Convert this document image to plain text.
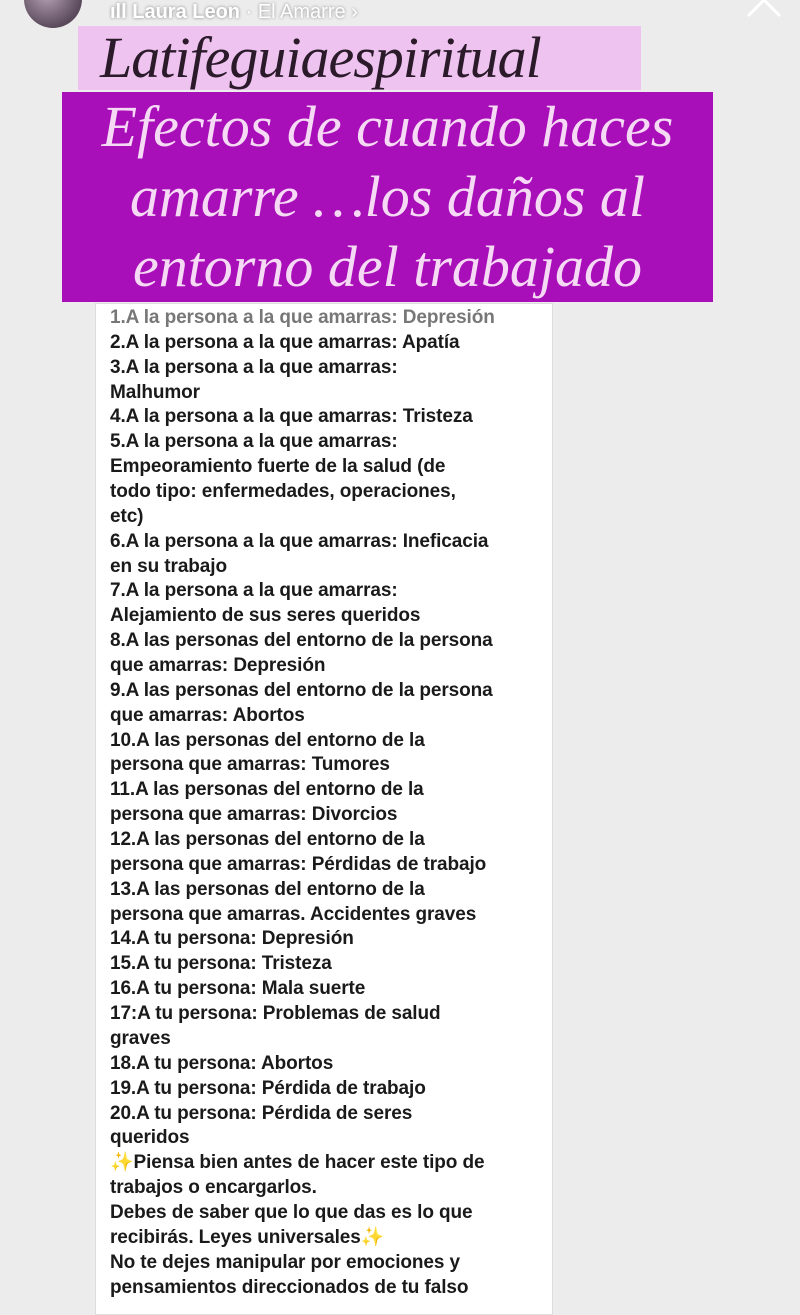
1.A la persona a la que amarras: Depresión
2.A la persona a la que amarras: Apatía
3.A la persona a la que amarras:
Malhumor
4.A la persona a la que amarras: Tristeza
5.A la persona a la que amarras:
Empeoramiento fuerte de la salud (de
todo tipo: enfermedades, operaciones,
etc)
6.A la persona a la que amarras: Ineficacia
en su trabajo
7.A la persona a la que amarras:
Alejamiento de sus seres queridos
8.A las personas del entorno de la persona
que amarras: Depresión
9.A las personas del entorno de la persona
que amarras: Abortos
10.A las personas del entorno de la
persona que amarras: Tumores
11.A las personas del entorno de la
persona que amarras: Divorcios
12.A las personas del entorno de la
persona que amarras: Pérdidas de trabajo
13.A las personas del entorno de la
persona que amarras. Accidentes graves
14.A tu persona: Depresión
15.A tu persona: Tristeza
16.A tu persona: Mala suerte
17:A tu persona: Problemas de salud
graves
18.A tu persona: Abortos
19.A tu persona: Pérdida de trabajo
20.A tu persona: Pérdida de seres
queridos
✨Piensa bien antes de hacer este tipo de
trabajos o encargarlos.
Debes de saber que lo que das es lo que
recibirás. Leyes universales✨
No te dejes manipular por emociones y
pensamientos direccionados de tu falso
Latifeguiaespiritual
Efectos de cuando haces
amarre …los daños al
entorno del trabajado
ıll Laura Leon · El Amarre ›
